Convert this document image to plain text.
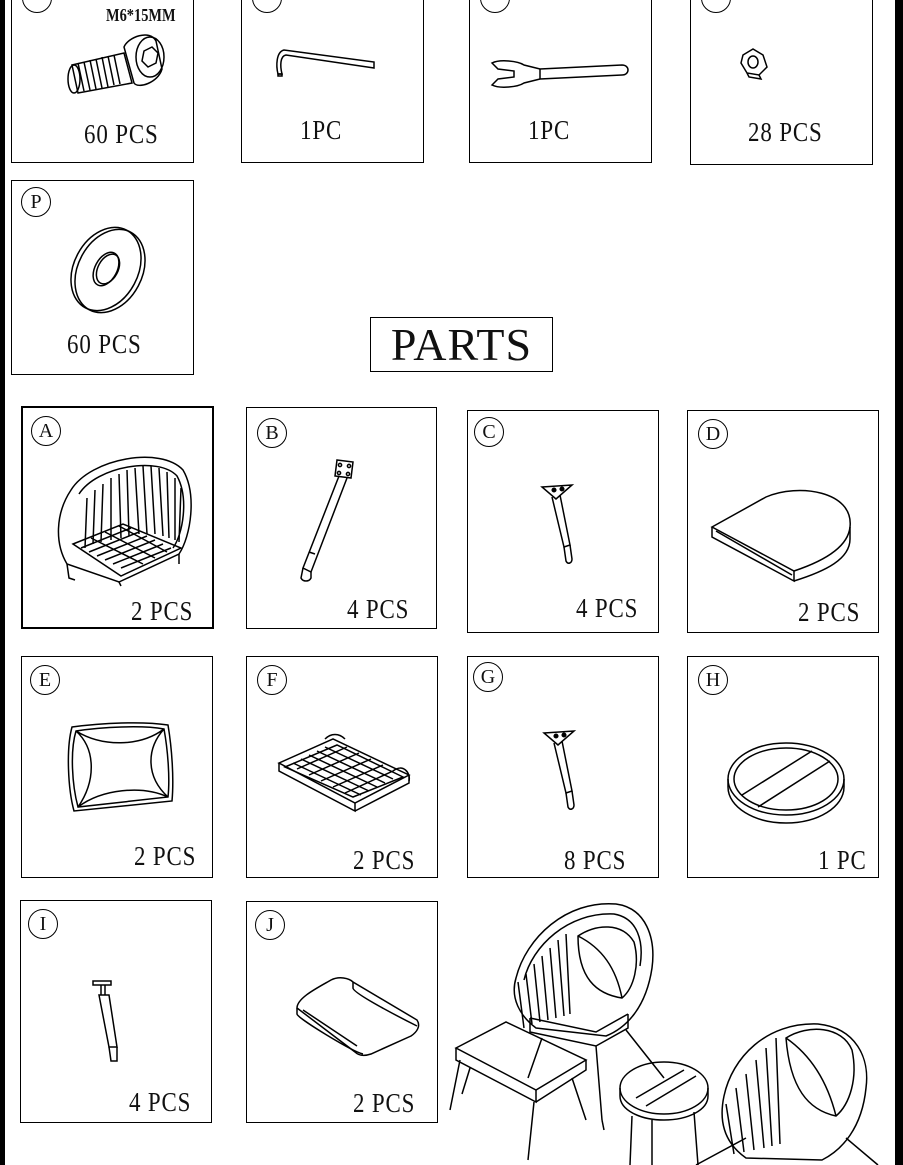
M6*15MM
60 PCS	1PC	1PC	28 PCS
P
60 PCS	PARTS
A
2 PCS
B
4 PCS
C
4 PCS
D
2 PCS
E
2 PCS
F
2 PCS
G
8 PCS
H
1 PC
I
4 PCS
J
2 PCS
